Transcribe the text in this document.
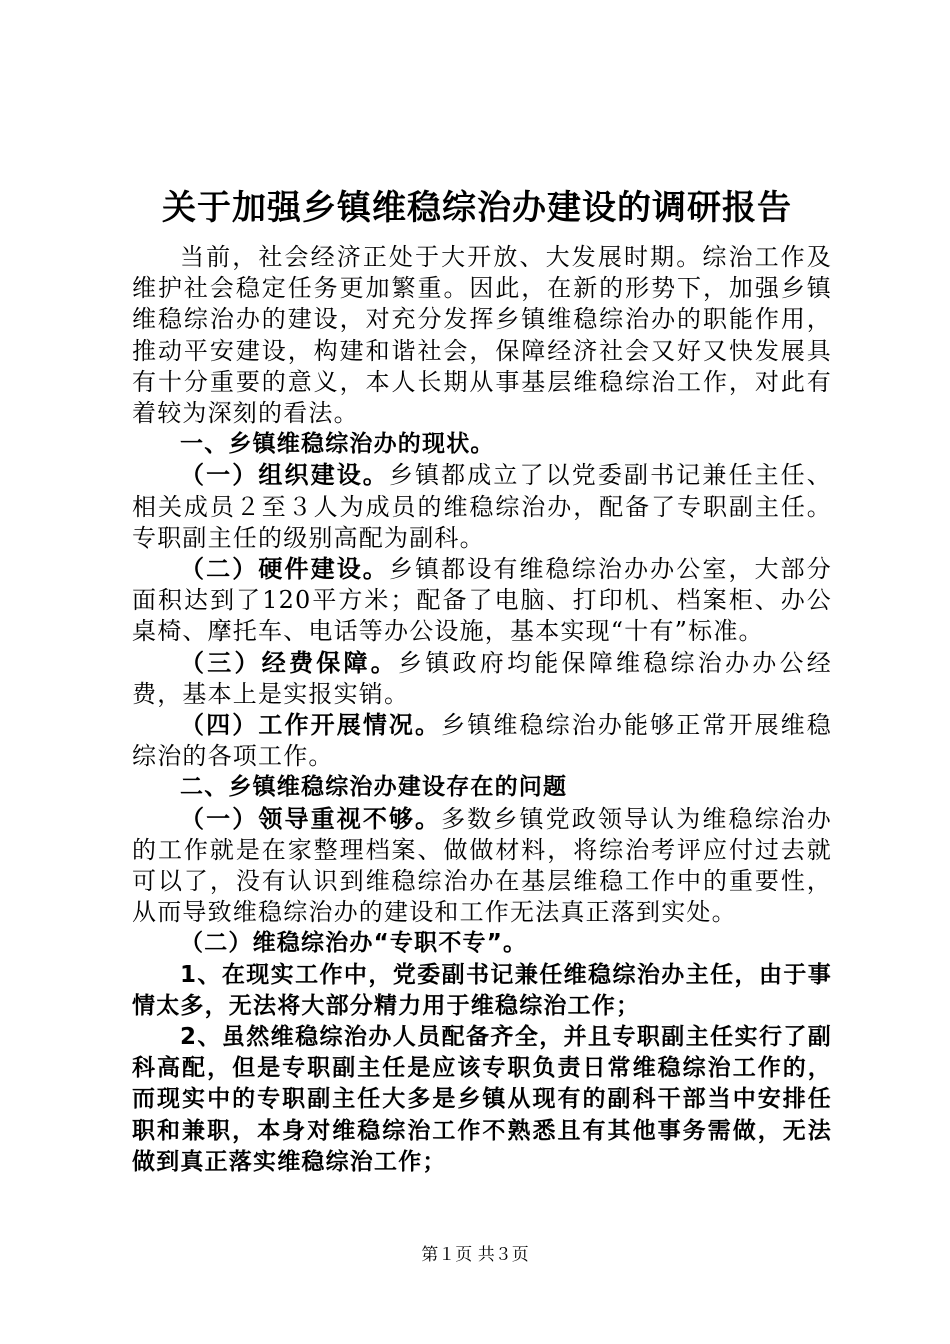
关于加强乡镇维稳综治办建设的调研报告

当前，社会经济正处于大开放、大发展时期。综治工作及维护社会稳定任务更加繁重。因此，在新的形势下，加强乡镇维稳综治办的建设，对充分发挥乡镇维稳综治办的职能作用，推动平安建设，构建和谐社会，保障经济社会又好又快发展具有十分重要的意义，本人长期从事基层维稳综治工作，对此有着较为深刻的看法。

一、乡镇维稳综治办的现状。

（一）组织建设。乡镇都成立了以党委副书记兼任主任、相关成员２至３人为成员的维稳综治办，配备了专职副主任。专职副主任的级别高配为副科。

（二）硬件建设。乡镇都设有维稳综治办办公室，大部分面积达到了120平方米；配备了电脑、打印机、档案柜、办公桌椅、摩托车、电话等办公设施，基本实现“十有”标准。

（三）经费保障。乡镇政府均能保障维稳综治办办公经费，基本上是实报实销。

（四）工作开展情况。乡镇维稳综治办能够正常开展维稳综治的各项工作。

二、乡镇维稳综治办建设存在的问题

（一）领导重视不够。多数乡镇党政领导认为维稳综治办的工作就是在家整理档案、做做材料，将综治考评应付过去就可以了，没有认识到维稳综治办在基层维稳工作中的重要性，从而导致维稳综治办的建设和工作无法真正落到实处。

（二）维稳综治办“专职不专”。

1、在现实工作中，党委副书记兼任维稳综治办主任，由于事情太多，无法将大部分精力用于维稳综治工作；

2、虽然维稳综治办人员配备齐全，并且专职副主任实行了副科高配，但是专职副主任是应该专职负责日常维稳综治工作的，而现实中的专职副主任大多是乡镇从现有的副科干部当中安排任职和兼职，本身对维稳综治工作不熟悉且有其他事务需做，无法做到真正落实维稳综治工作；

第１页 共３页
